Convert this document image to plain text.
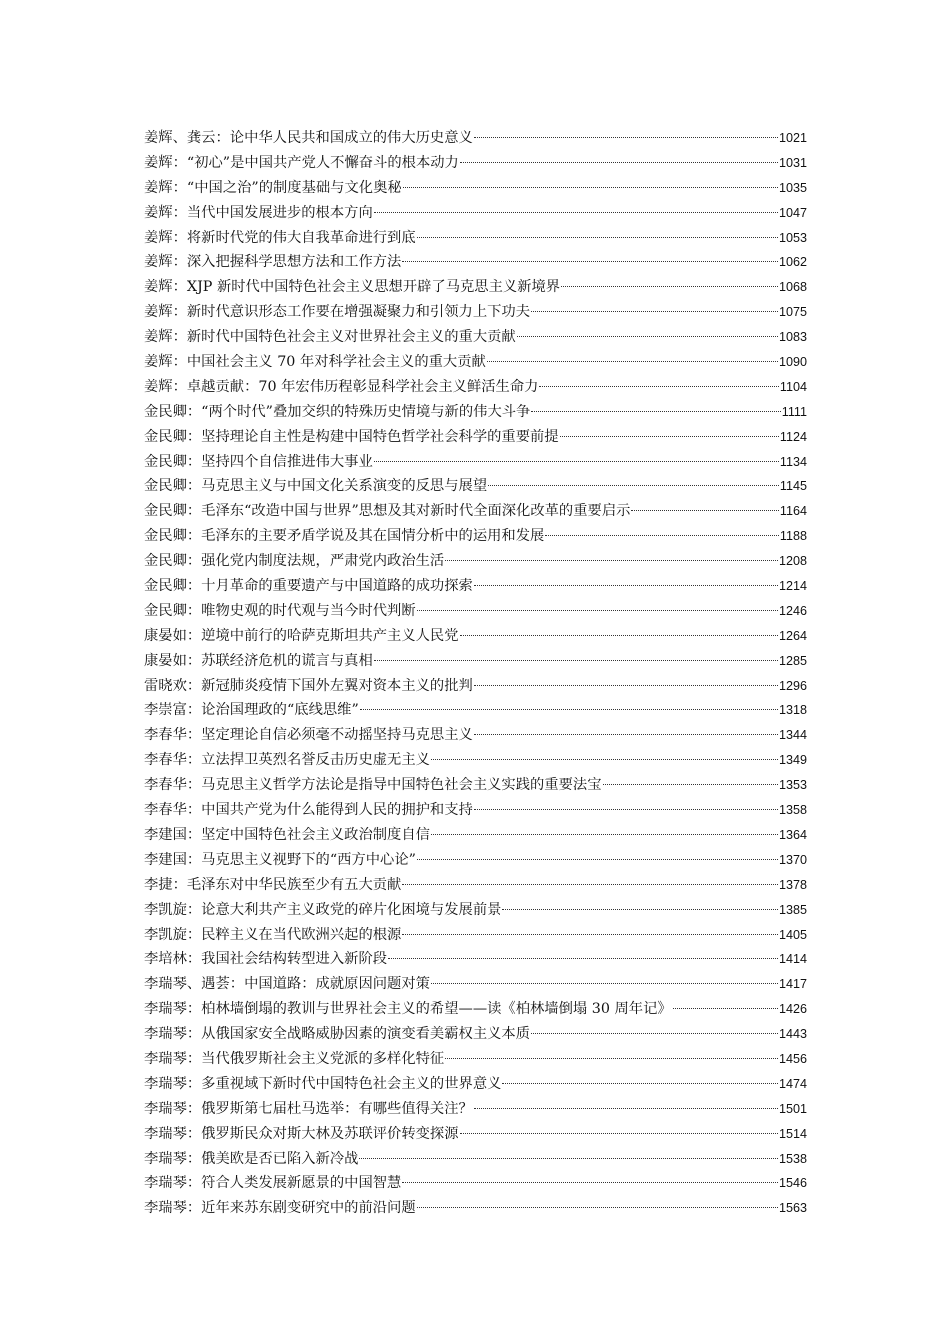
姜辉、龚云：论中华人民共和国成立的伟大历史意义	1021
姜辉：“初心”是中国共产党人不懈奋斗的根本动力	1031
姜辉：“中国之治”的制度基础与文化奥秘	1035
姜辉：当代中国发展进步的根本方向	1047
姜辉：将新时代党的伟大自我革命进行到底	1053
姜辉：深入把握科学思想方法和工作方法	1062
姜辉：XJP 新时代中国特色社会主义思想开辟了马克思主义新境界	1068
姜辉：新时代意识形态工作要在增强凝聚力和引领力上下功夫	1075
姜辉：新时代中国特色社会主义对世界社会主义的重大贡献	1083
姜辉：中国社会主义 70 年对科学社会主义的重大贡献	1090
姜辉：卓越贡献：70 年宏伟历程彰显科学社会主义鲜活生命力	1104
金民卿：“两个时代”叠加交织的特殊历史情境与新的伟大斗争	1111
金民卿：坚持理论自主性是构建中国特色哲学社会科学的重要前提	1124
金民卿：坚持四个自信推进伟大事业	1134
金民卿：马克思主义与中国文化关系演变的反思与展望	1145
金民卿：毛泽东“改造中国与世界”思想及其对新时代全面深化改革的重要启示	1164
金民卿：毛泽东的主要矛盾学说及其在国情分析中的运用和发展	1188
金民卿：强化党内制度法规，严肃党内政治生活	1208
金民卿：十月革命的重要遗产与中国道路的成功探索	1214
金民卿：唯物史观的时代观与当今时代判断	1246
康晏如：逆境中前行的哈萨克斯坦共产主义人民党	1264
康晏如：苏联经济危机的谎言与真相	1285
雷晓欢：新冠肺炎疫情下国外左翼对资本主义的批判	1296
李崇富：论治国理政的“底线思维”	1318
李春华：坚定理论自信必须毫不动摇坚持马克思主义	1344
李春华：立法捍卫英烈名誉反击历史虚无主义	1349
李春华：马克思主义哲学方法论是指导中国特色社会主义实践的重要法宝	1353
李春华：中国共产党为什么能得到人民的拥护和支持	1358
李建国：坚定中国特色社会主义政治制度自信	1364
李建国：马克思主义视野下的“西方中心论”	1370
李捷：毛泽东对中华民族至少有五大贡献	1378
李凯旋：论意大利共产主义政党的碎片化困境与发展前景	1385
李凯旋：民粹主义在当代欧洲兴起的根源	1405
李培林：我国社会结构转型进入新阶段	1414
李瑞琴、遇荟：中国道路：成就原因问题对策	1417
李瑞琴：柏林墙倒塌的教训与世界社会主义的希望——读《柏林墙倒塌 30 周年记》	1426
李瑞琴：从俄国家安全战略威胁因素的演变看美霸权主义本质	1443
李瑞琴：当代俄罗斯社会主义党派的多样化特征	1456
李瑞琴：多重视域下新时代中国特色社会主义的世界意义	1474
李瑞琴：俄罗斯第七届杜马选举：有哪些值得关注？	1501
李瑞琴：俄罗斯民众对斯大林及苏联评价转变探源	1514
李瑞琴：俄美欧是否已陷入新冷战	1538
李瑞琴：符合人类发展新愿景的中国智慧	1546
李瑞琴：近年来苏东剧变研究中的前沿问题	1563
